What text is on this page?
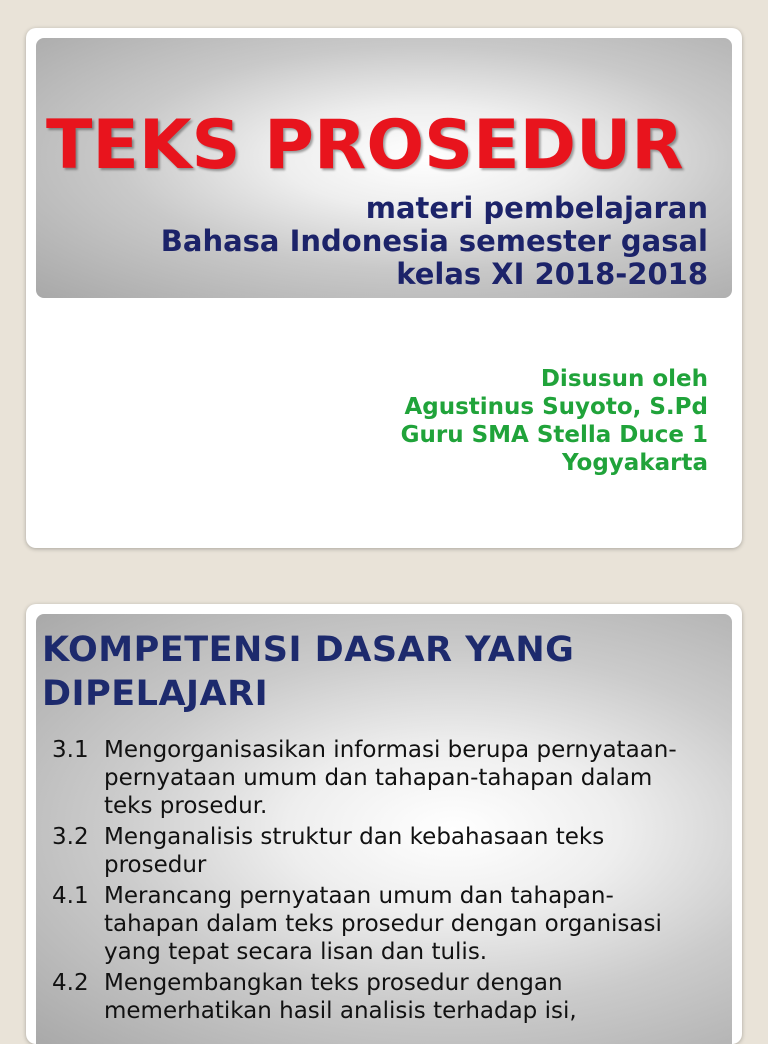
TEKS PROSEDUR
materi pembelajaran
Bahasa Indonesia semester gasal
kelas XI 2018-2018
Disusun oleh
Agustinus Suyoto, S.Pd
Guru SMA Stella Duce 1
Yogyakarta
KOMPETENSI DASAR YANG DIPELAJARI
3.1 Mengorganisasikan informasi berupa pernyataan-pernyataan umum dan tahapan-tahapan dalam teks prosedur.
3.2 Menganalisis struktur dan kebahasaan teks prosedur
4.1 Merancang pernyataan umum dan tahapan-tahapan dalam teks prosedur dengan organisasi yang tepat secara lisan dan tulis.
4.2 Mengembangkan teks prosedur dengan memerhatikan hasil analisis terhadap isi,
